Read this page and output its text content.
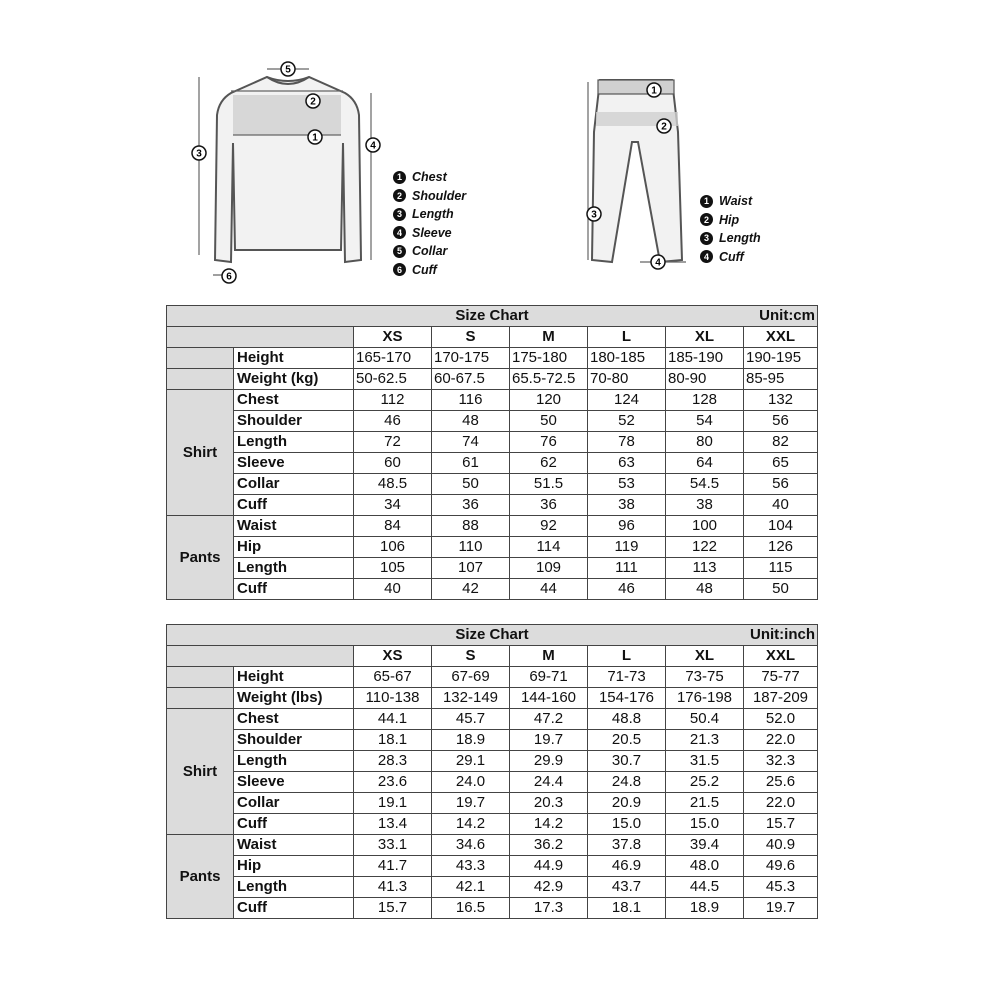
5
2
1
3
4
6
1 Chest
2 Shoulder
3 Length
4 Sleeve
5 Collar
6 Cuff
1
2
3
4
1 Waist
2 Hip
3 Length
4 Cuff
Size Chart Unit:cm							

		XS	S	M	L	XL	XXL
	Height	165-170	170-175	175-180	180-185	185-190	190-195
	Weight (kg)	50-62.5	60-67.5	65.5-72.5	70-80	80-90	85-95
Shirt	Chest	112	116	120	124	128	132
	Shoulder	46	48	50	52	54	56
	Length	72	74	76	78	80	82
	Sleeve	60	61	62	63	64	65
	Collar	48.5	50	51.5	53	54.5	56
	Cuff	34	36	36	38	38	40
Pants	Waist	84	88	92	96	100	104
	Hip	106	110	114	119	122	126
	Length	105	107	109	111	113	115
	Cuff	40	42	44	46	48	50
Size Chart Unit:inch							

		XS	S	M	L	XL	XXL
	Height	65-67	67-69	69-71	71-73	73-75	75-77
	Weight (lbs)	110-138	132-149	144-160	154-176	176-198	187-209
Shirt	Chest	44.1	45.7	47.2	48.8	50.4	52.0
	Shoulder	18.1	18.9	19.7	20.5	21.3	22.0
	Length	28.3	29.1	29.9	30.7	31.5	32.3
	Sleeve	23.6	24.0	24.4	24.8	25.2	25.6
	Collar	19.1	19.7	20.3	20.9	21.5	22.0
	Cuff	13.4	14.2	14.2	15.0	15.0	15.7
Pants	Waist	33.1	34.6	36.2	37.8	39.4	40.9
	Hip	41.7	43.3	44.9	46.9	48.0	49.6
	Length	41.3	42.1	42.9	43.7	44.5	45.3
	Cuff	15.7	16.5	17.3	18.1	18.9	19.7
